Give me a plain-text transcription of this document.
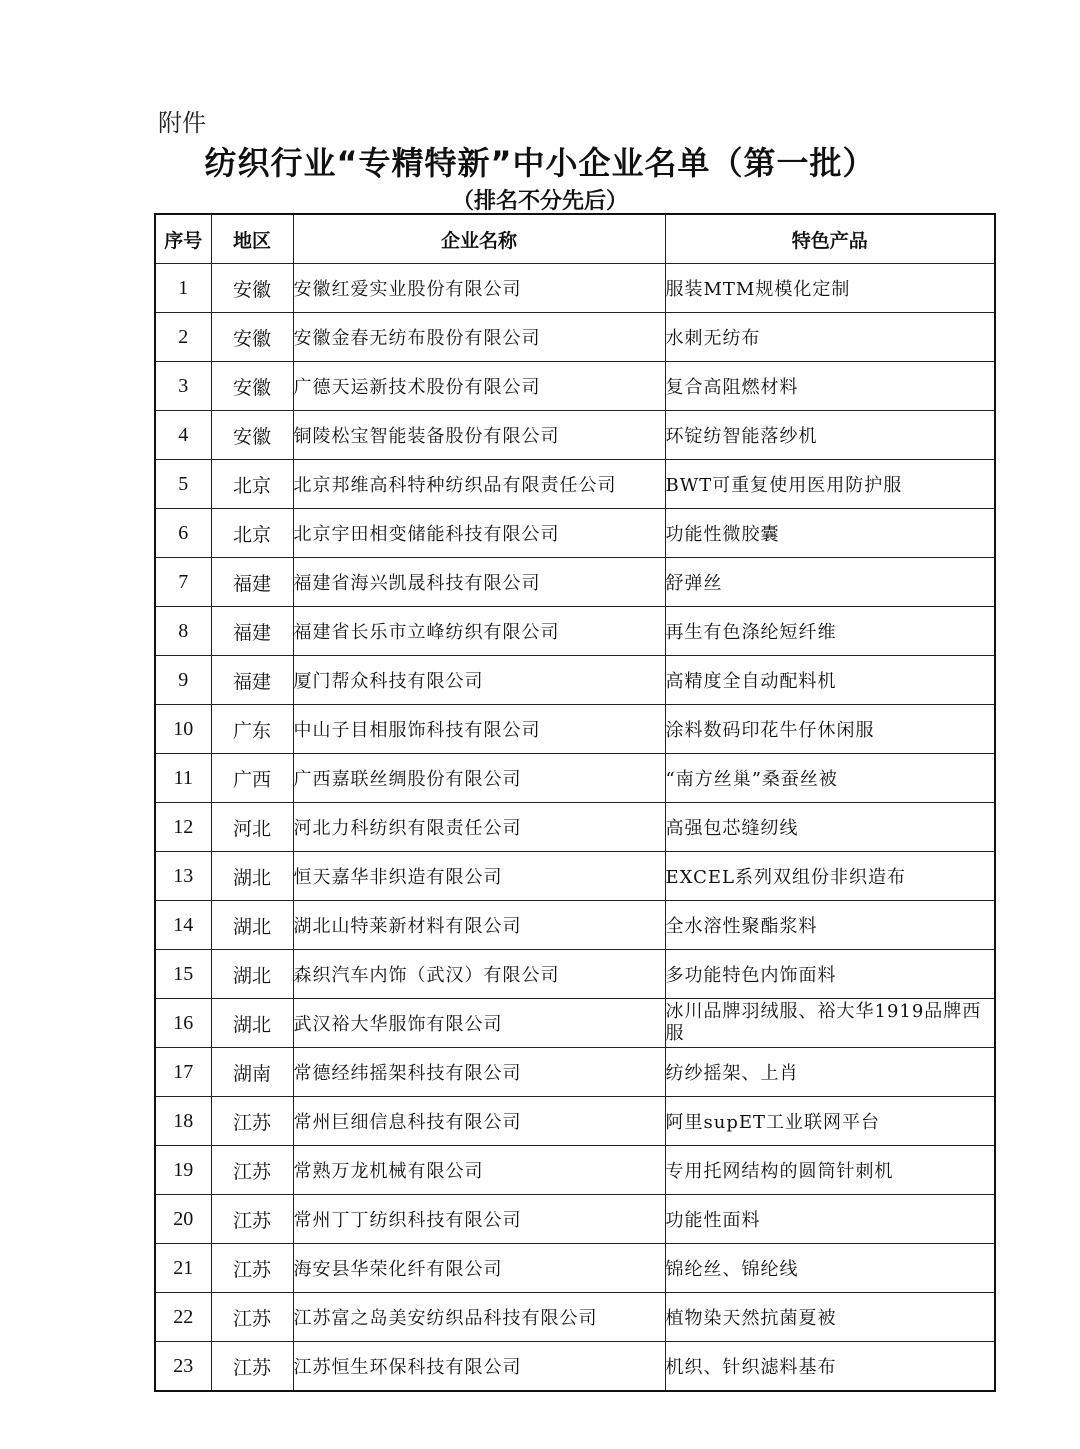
附件
纺织行业“专精特新”中小企业名单（第一批）
（排名不分先后）
序号	地区	企业名称	特色产品
1	安徽	安徽红爱实业股份有限公司	服装MTM规模化定制
2	安徽	安徽金春无纺布股份有限公司	水刺无纺布
3	安徽	广德天运新技术股份有限公司	复合高阻燃材料
4	安徽	铜陵松宝智能装备股份有限公司	环锭纺智能落纱机
5	北京	北京邦维高科特种纺织品有限责任公司	BWT可重复使用医用防护服
6	北京	北京宇田相变储能科技有限公司	功能性微胶囊
7	福建	福建省海兴凯晟科技有限公司	舒弹丝
8	福建	福建省长乐市立峰纺织有限公司	再生有色涤纶短纤维
9	福建	厦门帮众科技有限公司	高精度全自动配料机
10	广东	中山子目相服饰科技有限公司	涂料数码印花牛仔休闲服
11	广西	广西嘉联丝绸股份有限公司	“南方丝巢”桑蚕丝被
12	河北	河北力科纺织有限责任公司	高强包芯缝纫线
13	湖北	恒天嘉华非织造有限公司	EXCEL系列双组份非织造布
14	湖北	湖北山特莱新材料有限公司	全水溶性聚酯浆料
15	湖北	森织汽车内饰（武汉）有限公司	多功能特色内饰面料
16	湖北	武汉裕大华服饰有限公司	冰川品牌羽绒服、裕大华1919品牌西服
17	湖南	常德经纬摇架科技有限公司	纺纱摇架、上肖
18	江苏	常州巨细信息科技有限公司	阿里supET工业联网平台
19	江苏	常熟万龙机械有限公司	专用托网结构的圆筒针刺机
20	江苏	常州丁丁纺织科技有限公司	功能性面料
21	江苏	海安县华荣化纤有限公司	锦纶丝、锦纶线
22	江苏	江苏富之岛美安纺织品科技有限公司	植物染天然抗菌夏被
23	江苏	江苏恒生环保科技有限公司	机织、针织滤料基布
